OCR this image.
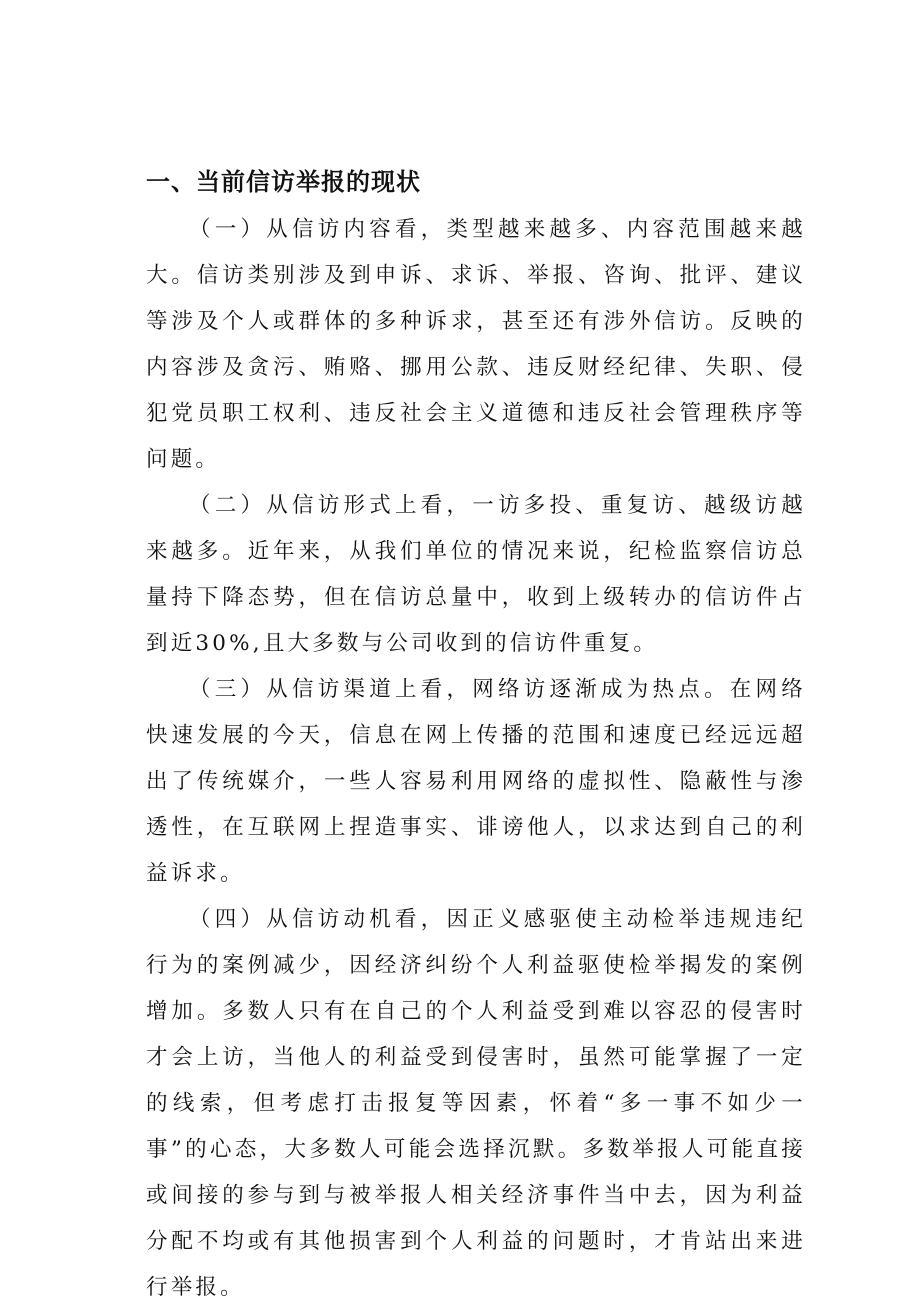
一、当前信访举报的现状

（一）从信访内容看，类型越来越多、内容范围越来越大。信访类别涉及到申诉、求诉、举报、咨询、批评、建议等涉及个人或群体的多种诉求，甚至还有涉外信访。反映的内容涉及贪污、贿赂、挪用公款、违反财经纪律、失职、侵犯党员职工权利、违反社会主义道德和违反社会管理秩序等问题。

（二）从信访形式上看，一访多投、重复访、越级访越来越多。近年来，从我们单位的情况来说，纪检监察信访总量持下降态势，但在信访总量中，收到上级转办的信访件占到近30%,且大多数与公司收到的信访件重复。

（三）从信访渠道上看，网络访逐渐成为热点。在网络快速发展的今天，信息在网上传播的范围和速度已经远远超出了传统媒介，一些人容易利用网络的虚拟性、隐蔽性与渗透性，在互联网上捏造事实、诽谤他人，以求达到自己的利益诉求。

（四）从信访动机看，因正义感驱使主动检举违规违纪行为的案例减少，因经济纠纷个人利益驱使检举揭发的案例增加。多数人只有在自己的个人利益受到难以容忍的侵害时才会上访，当他人的利益受到侵害时，虽然可能掌握了一定的线索，但考虑打击报复等因素，怀着“多一事不如少一事”的心态，大多数人可能会选择沉默。多数举报人可能直接或间接的参与到与被举报人相关经济事件当中去，因为利益分配不均或有其他损害到个人利益的问题时，才肯站出来进行举报。
